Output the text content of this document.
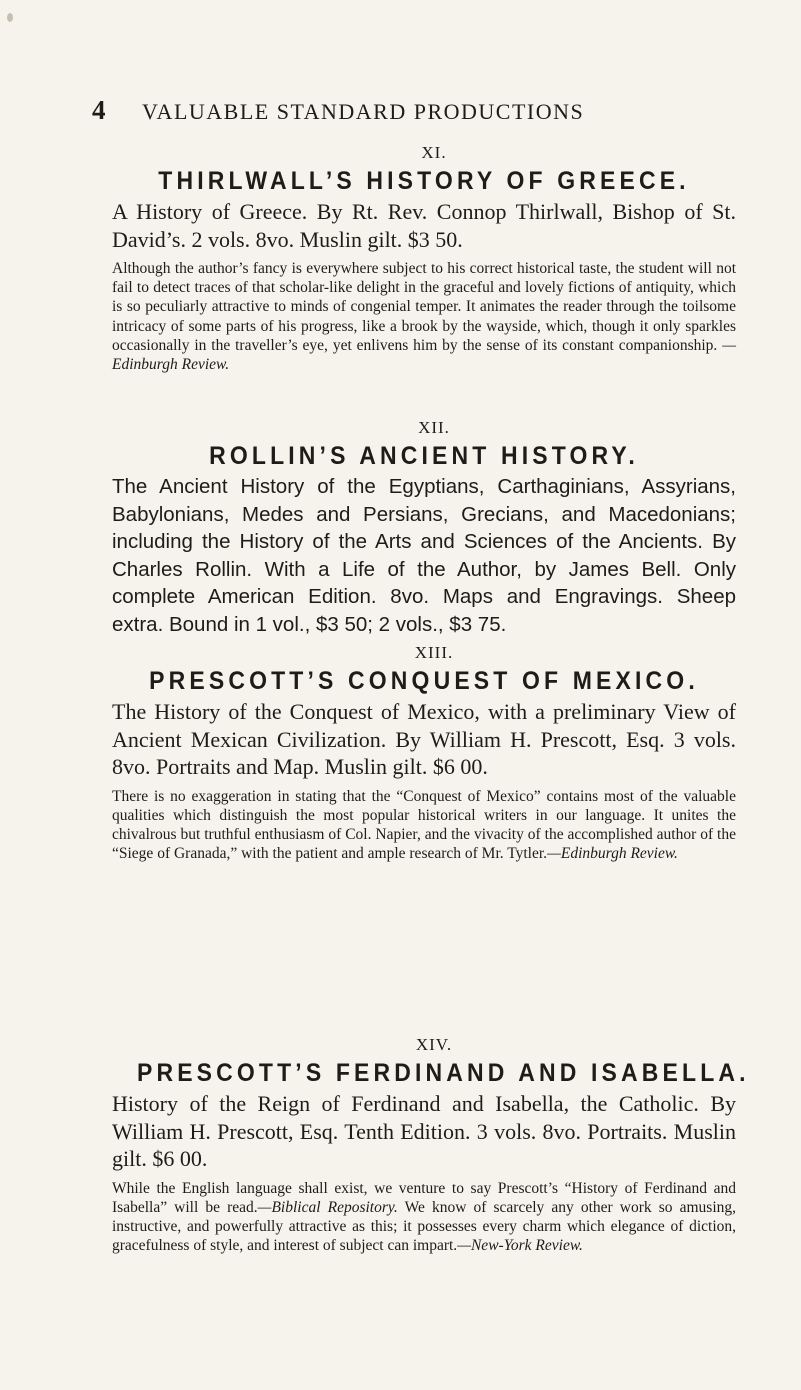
4 VALUABLE STANDARD PRODUCTIONS
XI.
THIRLWALL’S HISTORY OF GREECE.
A History of Greece. By Rt. Rev. Connop Thirlwall, Bishop of St. David’s. 2 vols. 8vo. Muslin gilt. $3 50.
Although the author’s fancy is everywhere subject to his correct historical taste, the student will not fail to detect traces of that scholar-like delight in the graceful and lovely fictions of antiquity, which is so peculiarly attractive to minds of congenial temper. It animates the reader through the toilsome intricacy of some parts of his progress, like a brook by the wayside, which, though it only sparkles occasionally in the traveller’s eye, yet enlivens him by the sense of its constant companionship. —Edinburgh Review.
XII.
ROLLIN’S ANCIENT HISTORY.
The Ancient History of the Egyptians, Carthaginians, Assyrians, Babylonians, Medes and Persians, Grecians, and Macedonians; including the History of the Arts and Sciences of the Ancients. By Charles Rollin. With a Life of the Author, by James Bell. Only complete American Edition. 8vo. Maps and Engravings. Sheep extra. Bound in 1 vol., $3 50; 2 vols., $3 75.
XIII.
PRESCOTT’S CONQUEST OF MEXICO.
The History of the Conquest of Mexico, with a preliminary View of Ancient Mexican Civilization. By William H. Prescott, Esq. 3 vols. 8vo. Portraits and Map. Muslin gilt. $6 00.
There is no exaggeration in stating that the “Conquest of Mexico” contains most of the valuable qualities which distinguish the most popular historical writers in our language. It unites the chivalrous but truthful enthusiasm of Col. Napier, and the vivacity of the accomplished author of the “Siege of Granada,” with the patient and ample research of Mr. Tytler.—Edinburgh Review.
XIV.
PRESCOTT’S FERDINAND AND ISABELLA.
History of the Reign of Ferdinand and Isabella, the Catholic. By William H. Prescott, Esq. Tenth Edition. 3 vols. 8vo. Portraits. Muslin gilt. $6 00.
While the English language shall exist, we venture to say Prescott’s “History of Ferdinand and Isabella” will be read.—Biblical Repository. We know of scarcely any other work so amusing, instructive, and powerfully attractive as this; it possesses every charm which elegance of diction, gracefulness of style, and interest of subject can impart.—New-York Review.
